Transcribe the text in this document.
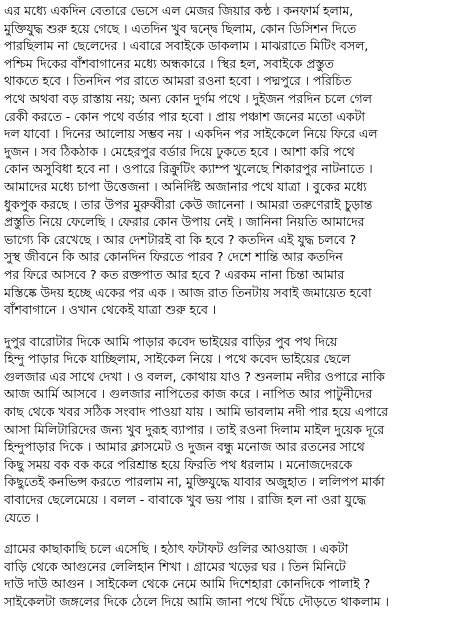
এর মধ্যে একদিন বেতারে ভেসে এল মেজর জিয়ার কন্ঠ । কনফার্ম হলাম,
মুক্তিযুদ্ধ শুরু হয়ে গেছে । এতদিন খুব দ্বন্দ্বে ছিলাম, কোন ডিসিশন দিতে
পারছিলাম না ছেলেদের । এবারে সবাইকে ডাকলাম । মাঝরাতে মিটিং বসল,
পশ্চিম দিকের বাঁশবাগানের মধ্যে অন্ধকারে । স্থির হল, সবাইকে প্রস্তুত
থাকতে হবে । তিনদিন পর রাতে আমরা রওনা হবো । পদ্মপুরে । পরিচিত
পথে অথবা বড় রাস্তায় নয়; অন্য কোন দুর্গম পথে । দুইজন পরদিন চলে গেল
রেকী করতে - কোন পথে বর্ডার পার হবো । প্রায় পঞ্চাশ জনের মতো একটা
দল যাবো । দিনের আলোয় সম্ভব নয় । একদিন পর সাইকেলে নিয়ে ফিরে এল
দুজন । সব ঠিকঠাক । মেহেরপুর বর্ডার দিয়ে ঢুকতে হবে । আশা করি পথে
কোন অসুবিধা হবে না । ওপারে রিক্রুটিং ক্যাম্প খুলেছে শিকারপুর নাটনাতে ।
আমাদের মধ্যে চাপা উত্তেজনা । অনির্দিষ্ট অজানার পথে যাত্রা । বুকের মধ্যে
ধুকপুক করছে । তার উপর মুরুব্বীরা কেউ জানেনা । আমরা তরুণেরাই চুড়ান্ত
প্রস্তুতি নিয়ে ফেলেছি । ফেরার কোন উপায় নেই । জানিনা নিয়তি আমাদের
ভাগ্যে কি রেখেছে । আর দেশটারই বা কি হবে ? কতদিন এই যুদ্ধ চলবে ?
সুস্থ জীবনে কি আর কোনদিন ফিরতে পারব ? দেশে শান্তি আর কতদিন
পর ফিরে আসবে ? কত রক্তপাত আর হবে ? এরকম নানা চিন্তা আমার
মস্তিষ্কে উদয় হচ্ছে একের পর এক । আজ রাত তিনটায় সবাই জমায়েত হবো
বাঁশবাগানে । ওখান থেকেই যাত্রা শুরু হবে ।
দুপুর বারোটার দিকে আমি পাড়ার কবেদ ভাইয়ের বাড়ির পুব পথ দিয়ে
হিন্দু পাড়ার দিকে যাচ্ছিলাম, সাইকেল নিয়ে । পথে কবেদ ভাইয়ের ছেলে
গুলজার এর সাথে দেখা । ও বলল, কোথায় যাও ? শুনলাম নদীর ওপারে নাকি
আজ আর্মি আসবে । গুলজার নাপিতের কাজ করে । নাপিত আর পাটুনীদের
কাছ থেকে খবর সঠিক সংবাদ পাওয়া যায় । আমি ভাবলাম নদী পার হয়ে এপারে
আসা মিলিটারিদের জন্য খুব দুরূহ ব্যাপার । তাই রওনা দিলাম মাইল দুয়েক দূরে
হিন্দুপাড়ার দিকে । আমার ক্লাসমেট ও দুজন বন্ধু মনোজ আর রতনের সাথে
কিছু সময় বক বক করে পরিশ্রান্ত হয়ে ফিরতি পথ ধরলাম । মনোজদেরকে
কিছুতেই কনভিন্স করতে পারলাম না, মুক্তিযুদ্ধে যাবার অজুহাত । ললিপপ মার্কা
বাবাদের ছেলেমেয়ে । বলল - বাবাকে খুব ভয় পায় । রাজি হল না ওরা যুদ্ধে
যেতে ।
গ্রামের কাছাকাছি চলে এসেছি । হঠাৎ ফটাফট গুলির আওয়াজ । একটা
বাড়ি থেকে আগুনের লেলিহান শিখা । গ্রামের খড়ের ঘর । তিন মিনিটে
দাউ দাউ আগুন । সাইকেল থেকে নেমে আমি দিশেহারা কোনদিকে পালাই ?
সাইকেলটা জঙ্গলের দিকে ঠেলে দিয়ে আমি জানা পথে খিঁচে দৌড়তে থাকলাম ।
